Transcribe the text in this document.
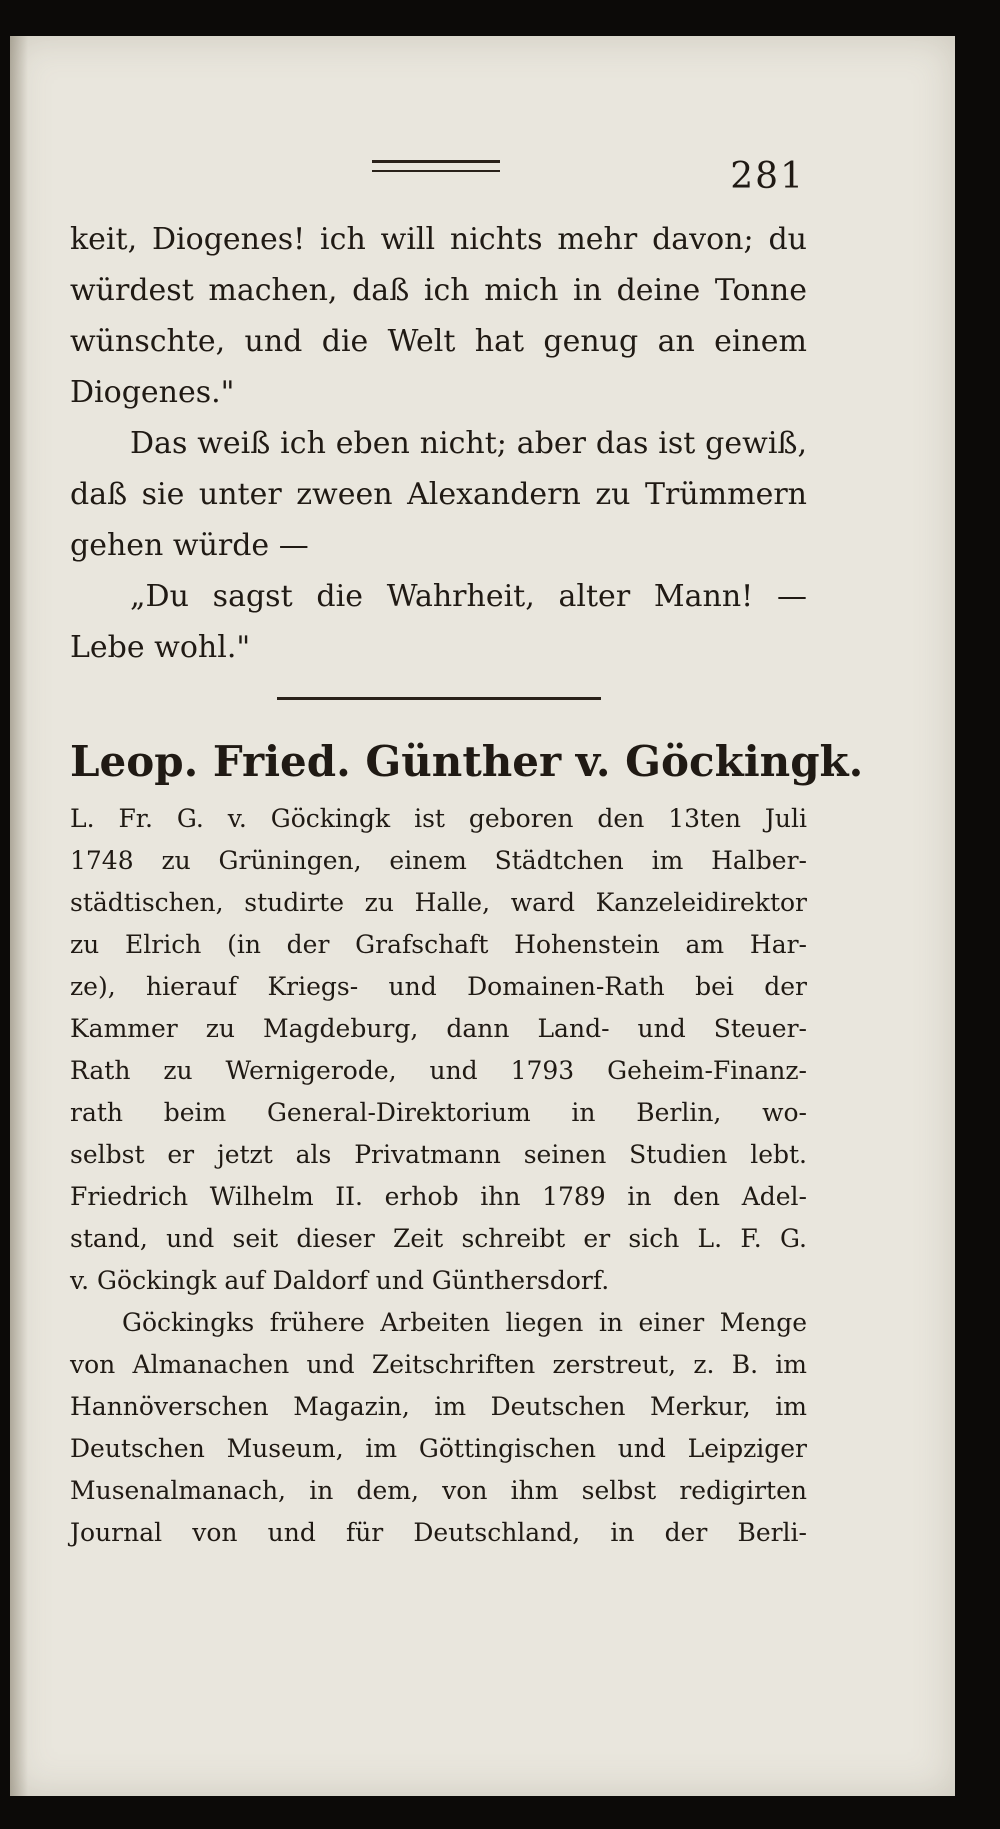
281
keit, Diogenes! ich will nichts mehr davon; du
würdest machen, daß ich mich in deine Tonne
wünschte, und die Welt hat genug an einem
Diogenes."
Das weiß ich eben nicht; aber das ist gewiß,
daß sie unter zween Alexandern zu Trümmern
gehen würde —
„Du sagst die Wahrheit, alter Mann! —
Lebe wohl."
Leop. Fried. Günther v. Göckingk.
L. Fr. G. v. Göckingk ist geboren den 13ten Juli
1748 zu Grüningen, einem Städtchen im Halber-
städtischen, studirte zu Halle, ward Kanzeleidirektor
zu Elrich (in der Grafschaft Hohenstein am Har-
ze), hierauf Kriegs- und Domainen-Rath bei der
Kammer zu Magdeburg, dann Land- und Steuer-
Rath zu Wernigerode, und 1793 Geheim-Finanz-
rath beim General-Direktorium in Berlin, wo-
selbst er jetzt als Privatmann seinen Studien lebt.
Friedrich Wilhelm II. erhob ihn 1789 in den Adel-
stand, und seit dieser Zeit schreibt er sich L. F. G.
v. Göckingk auf Daldorf und Günthersdorf.
Göckingks frühere Arbeiten liegen in einer Menge
von Almanachen und Zeitschriften zerstreut, z. B. im
Hannöverschen Magazin, im Deutschen Merkur, im
Deutschen Museum, im Göttingischen und Leipziger
Musenalmanach, in dem, von ihm selbst redigirten
Journal von und für Deutschland, in der Berli-
